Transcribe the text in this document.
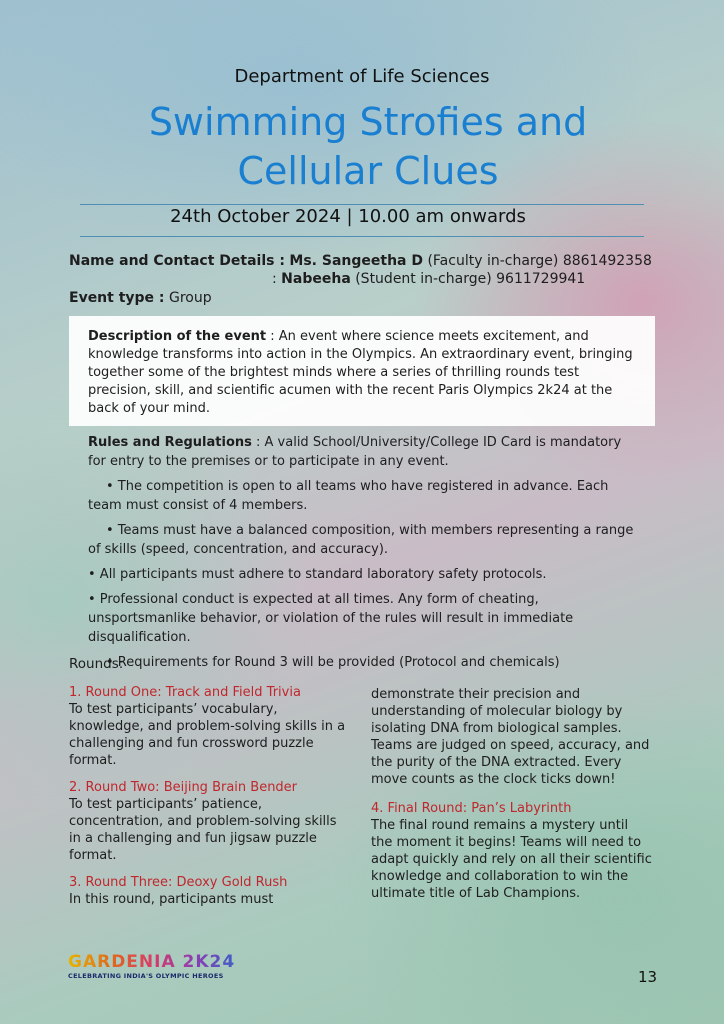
Department of Life Sciences
Swimming Strofies and
Cellular Clues
24th October 2024 | 10.00 am onwards
Name and Contact Details : Ms. Sangeetha D (Faculty in-charge) 8861492358
: Nabeeha (Student in-charge) 9611729941
Event type : Group
Description of the event : An event where science meets excitement, and knowledge transforms into action in the Olympics. An extraordinary event, bringing together some of the brightest minds where a series of thrilling rounds test precision, skill, and scientific acumen with the recent Paris Olympics 2k24 at the back of your mind.

Rules and Regulations : A valid School/University/College ID Card is mandatory for entry to the premises or to participate in any event.

• The competition is open to all teams who have registered in advance. Each team must consist of 4 members.

• Teams must have a balanced composition, with members representing a range of skills (speed, concentration, and accuracy).

• All participants must adhere to standard laboratory safety protocols.

• Professional conduct is expected at all times. Any form of cheating, unsportsmanlike behavior, or violation of the rules will result in immediate disqualification.

• Requirements for Round 3 will be provided (Protocol and chemicals)

Rounds:
1. Round One: Track and Field Trivia

To test participants’ vocabulary, knowledge, and problem-solving skills in a challenging and fun crossword puzzle format.

2. Round Two: Beijing Brain Bender

To test participants’ patience, concentration, and problem-solving skills in a challenging and fun jigsaw puzzle format.

3. Round Three: Deoxy Gold Rush

In this round, participants must

demonstrate their precision and understanding of molecular biology by isolating DNA from biological samples. Teams are judged on speed, accuracy, and the purity of the DNA extracted. Every move counts as the clock ticks down!

4. Final Round: Pan’s Labyrinth

The final round remains a mystery until the moment it begins! Teams will need to adapt quickly and rely on all their scientific knowledge and collaboration to win the ultimate title of Lab Champions.

GARDENIA 2K24
CELEBRATING INDIA'S OLYMPIC HEROES	13
